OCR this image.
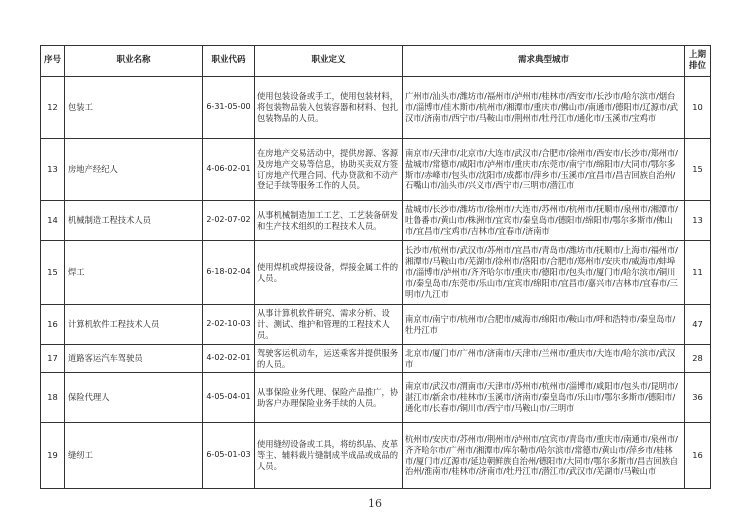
序号	职业名称	职业代码	职业定义	需求典型城市	上期
排位
12	包装工	6-31-05-00	使用包装设备或手工，使用包装材料，将包装物品装入包装容器和材料、包扎包装物品的人员。	广州市/汕头市/潍坊市/福州市/泸州市/桂林市/西安市/长沙市/哈尔滨市/烟台市/淄博市/佳木斯市/杭州市/湘潭市/重庆市/佛山市/南通市/德阳市/辽源市/武汉市/济南市/西宁市/马鞍山市/荆州市/牡丹江市/通化市/玉溪市/宝鸡市	10
13	房地产经纪人	4-06-02-01	在房地产交易活动中，提供房源、客源及房地产交易等信息，协助买卖双方签订房地产代理合同、代办贷款和不动产登记手续等服务工作的人员。	南京市/天津市/北京市/大连市/武汉市/合肥市/徐州市/西安市/长沙市/郑州市/盐城市/常德市/咸阳市/泸州市/重庆市/东莞市/南宁市/绵阳市/大同市/鄂尔多斯市/赤峰市/包头市/沈阳市/成都市/萍乡市/玉溪市/宜昌市/昌吉回族自治州/石嘴山市/汕头市/兴义市/西宁市/三明市/潜江市	15
14	机械制造工程技术人员	2-02-07-02	从事机械制造加工工艺、工艺装备研发和生产技术组织的工程技术人员。	盐城市/长沙市/潍坊市/徐州市/大连市/苏州市/杭州市/抚顺市/泉州市/湘潭市/吐鲁番市/黄山市/株洲市/宜宾市/秦皇岛市/德阳市/绵阳市/鄂尔多斯市/佛山市/宜昌市/宝鸡市/吉林市/宜春市/济南市	13
15	焊工	6-18-02-04	使用焊机或焊接设备，焊接金属工件的人员。	长沙市/杭州市/武汉市/苏州市/宜昌市/青岛市/潍坊市/抚顺市/上海市/福州市/湘潭市/马鞍山市/芜湖市/徐州市/洛阳市/合肥市/郑州市/安庆市/威海市/蚌埠市/淄博市/泸州市/齐齐哈尔市/重庆市/德阳市/包头市/厦门市/哈尔滨市/铜川市/秦皇岛市/东莞市/乐山市/宜宾市/绵阳市/宜昌市/嘉兴市/吉林市/宜春市/三明市/九江市	11
16	计算机软件工程技术人员	2-02-10-03	从事计算机软件研究、需求分析、设计、测试、维护和管理的工程技术人员。	南京市/南宁市/杭州市/合肥市/威海市/绵阳市/鞍山市/呼和浩特市/秦皇岛市/牡丹江市	47
17	道路客运汽车驾驶员	4-02-02-01	驾驶客运机动车，运送乘客并提供服务的人员。	北京市/厦门市/广州市/济南市/天津市/兰州市/重庆市/大连市/哈尔滨市/武汉市	28
18	保险代理人	4-05-04-01	从事保险业务代理、保险产品推广，协助客户办理保险业务手续的人员。	南京市/武汉市/渭南市/天津市/苏州市/杭州市/淄博市/咸阳市/包头市/昆明市/湛江市/新余市/桂林市/玉溪市/济南市/秦皇岛市/乐山市/鄂尔多斯市/德阳市/通化市/长春市/铜川市/西宁市/马鞍山市/三明市	36
19	缝纫工	6-05-01-03	使用缝纫设备或工具，将纺织品、皮革等主、辅料裁片缝制成半成品或成品的人员。	杭州市/安庆市/苏州市/荆州市/泸州市/宜宾市/青岛市/重庆市/南通市/泉州市/齐齐哈尔市/广州市/湘潭市/库尔勒市/哈尔滨市/常德市/黄山市/萍乡市/桂林市/厦门市/辽源市/延边朝鲜族自治州/德阳市/大同市/鄂尔多斯市/昌吉回族自治州/淮南市/桂林市/济南市/牡丹江市/潜江市/武汉市/芜湖市/马鞍山市	16
16
